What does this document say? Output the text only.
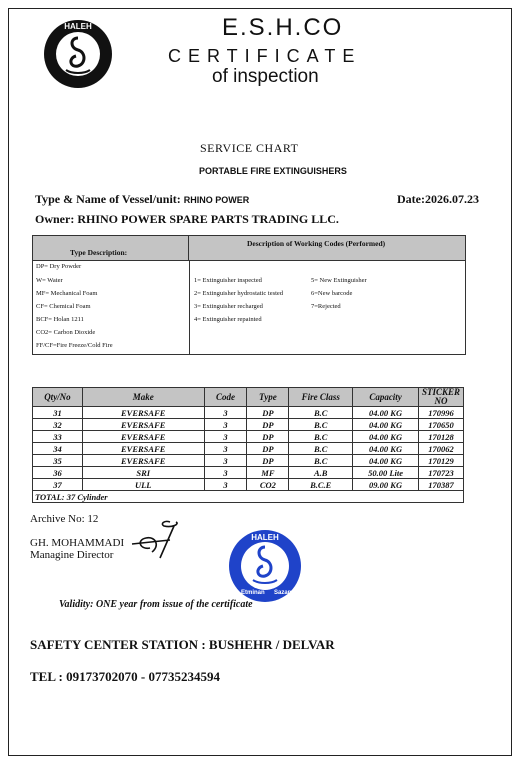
HALEH	E.S.H.CO
CERTIFICATE
of inspection
SERVICE CHART
PORTABLE FIRE EXTINGUISHERS
Type & Name of Vessel/unit: RHINO POWER	Date:2026.07.23
Owner: RHINO POWER SPARE PARTS TRADING LLC.
Type Description:
Description of Working Codes (Performed)
DP= Dry Powder
W= Water
MF= Mechanical Foam
CF= Chemical Foam
BCF= Holan 1211
CO2= Carbon Dioxide
FF/CF=Fire Freeze/Cold Fire
1= Extinguisher inspected
2= Extinguisher hydrostatic tested
3= Extinguisher recharged
4= Extinguisher repainted
5= New Extinguisher
6=New barcode
7=Rejected
Qty/No	Make	Code	Type	Fire Class	Capacity	STICKER NO
31	EVERSAFE	3	DP	B.C	04.00 KG	170996
32	EVERSAFE	3	DP	B.C	04.00 KG	170650
33	EVERSAFE	3	DP	B.C	04.00 KG	170128
34	EVERSAFE	3	DP	B.C	04.00 KG	170062
35	EVERSAFE	3	DP	B.C	04.00 KG	170129
36	SRI	3	MF	A.B	50.00 Lite	170723
37	ULL	3	CO2	B.C.E	09.00 KG	170387
TOTAL: 37 Cylinder						
Archive No: 12
GH. MOHAMMADI
Managine Director
HALEH
Etminan Sazan
Validity: ONE year from issue of the certificate
SAFETY CENTER STATION : BUSHEHR / DELVAR
TEL : 09173702070 - 07735234594
